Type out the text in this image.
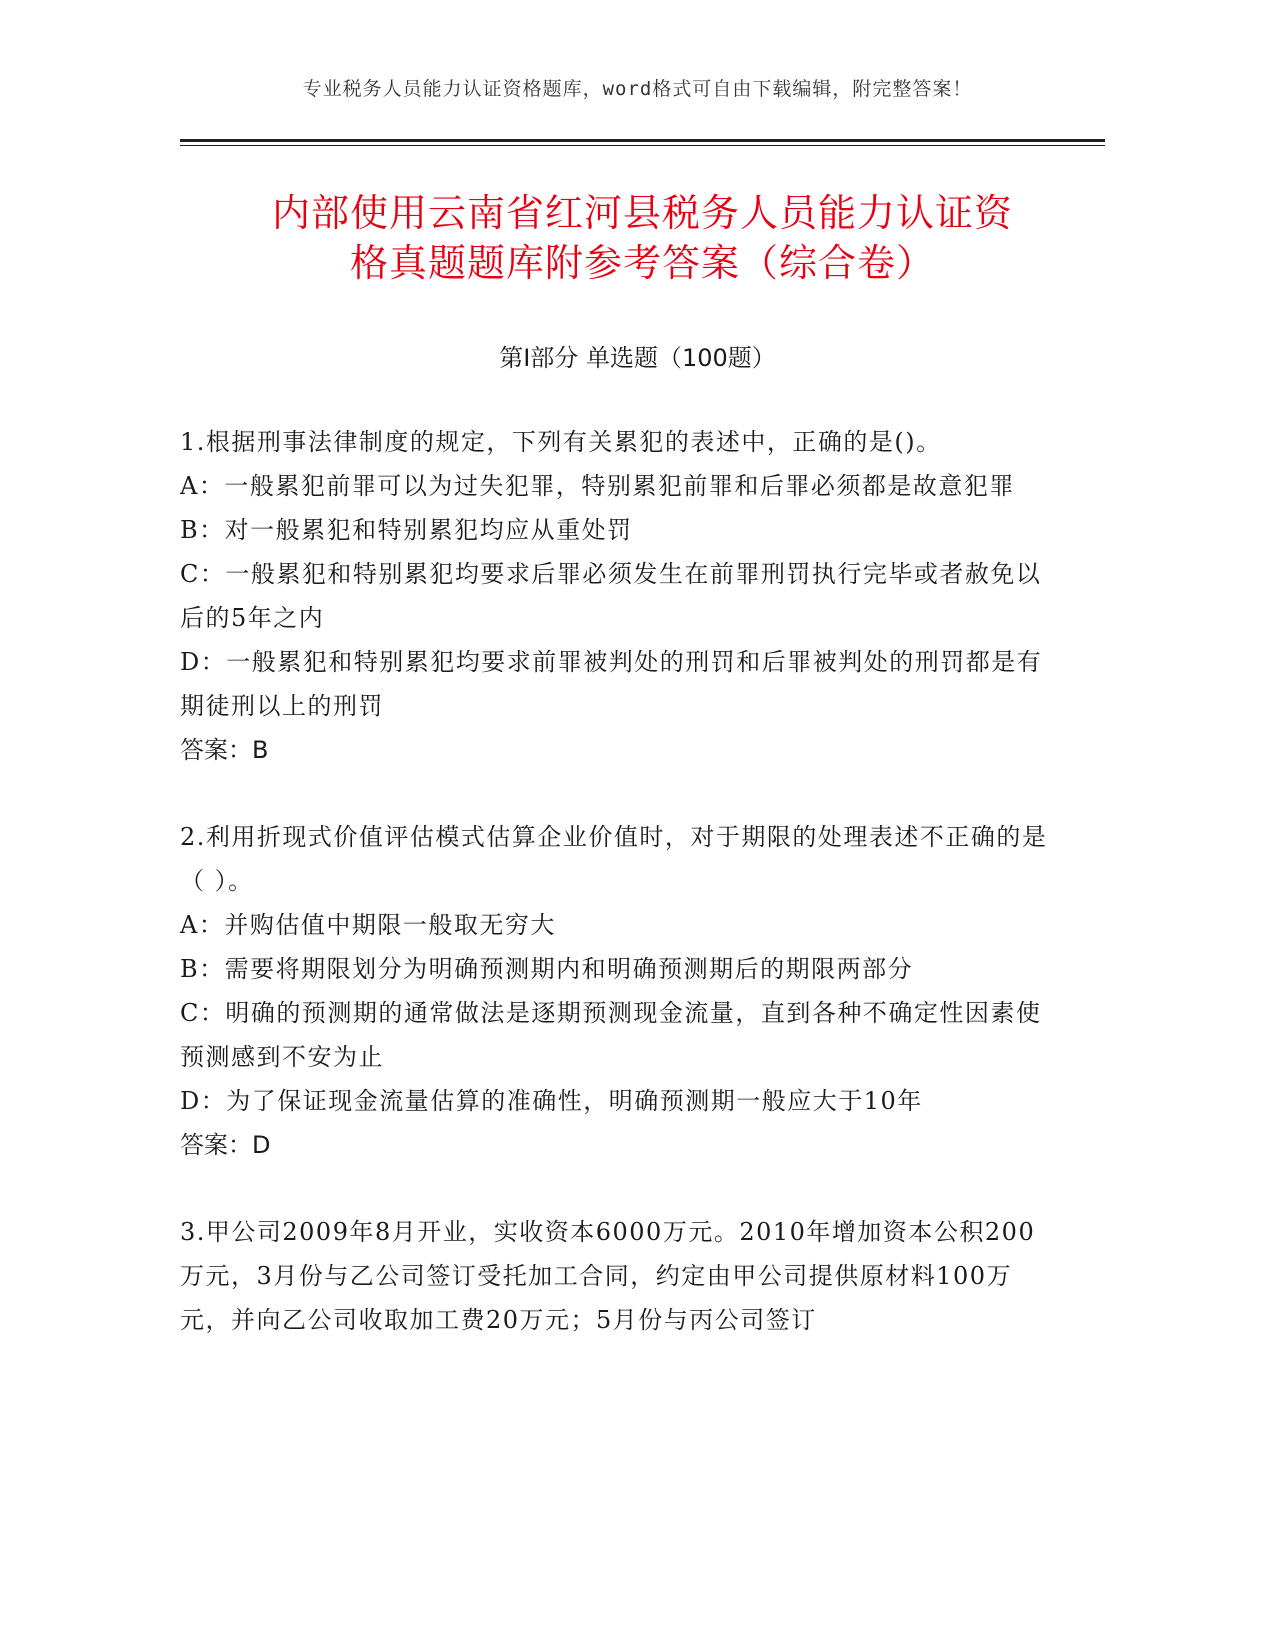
专业税务人员能力认证资格题库，word格式可自由下载编辑，附完整答案！
内部使用云南省红河县税务人员能力认证资
格真题题库附参考答案（综合卷）
第Ⅰ部分 单选题（100题）

1.根据刑事法律制度的规定，下列有关累犯的表述中，正确的是()。

A：一般累犯前罪可以为过失犯罪，特别累犯前罪和后罪必须都是故意犯罪

B：对一般累犯和特别累犯均应从重处罚

C：一般累犯和特别累犯均要求后罪必须发生在前罪刑罚执行完毕或者赦免以后的5年之内

D：一般累犯和特别累犯均要求前罪被判处的刑罚和后罪被判处的刑罚都是有期徒刑以上的刑罚

答案：B

2.利用折现式价值评估模式估算企业价值时，对于期限的处理表述不正确的是（ ）。

A：并购估值中期限一般取无穷大

B：需要将期限划分为明确预测期内和明确预测期后的期限两部分

C：明确的预测期的通常做法是逐期预测现金流量，直到各种不确定性因素使预测感到不安为止

D：为了保证现金流量估算的准确性，明确预测期一般应大于10年

答案：D

3.甲公司2009年8月开业，实收资本6000万元。2010年增加资本公积200万元，3月份与乙公司签订受托加工合同，约定由甲公司提供原材料100万元，并向乙公司收取加工费20万元；5月份与丙公司签订
